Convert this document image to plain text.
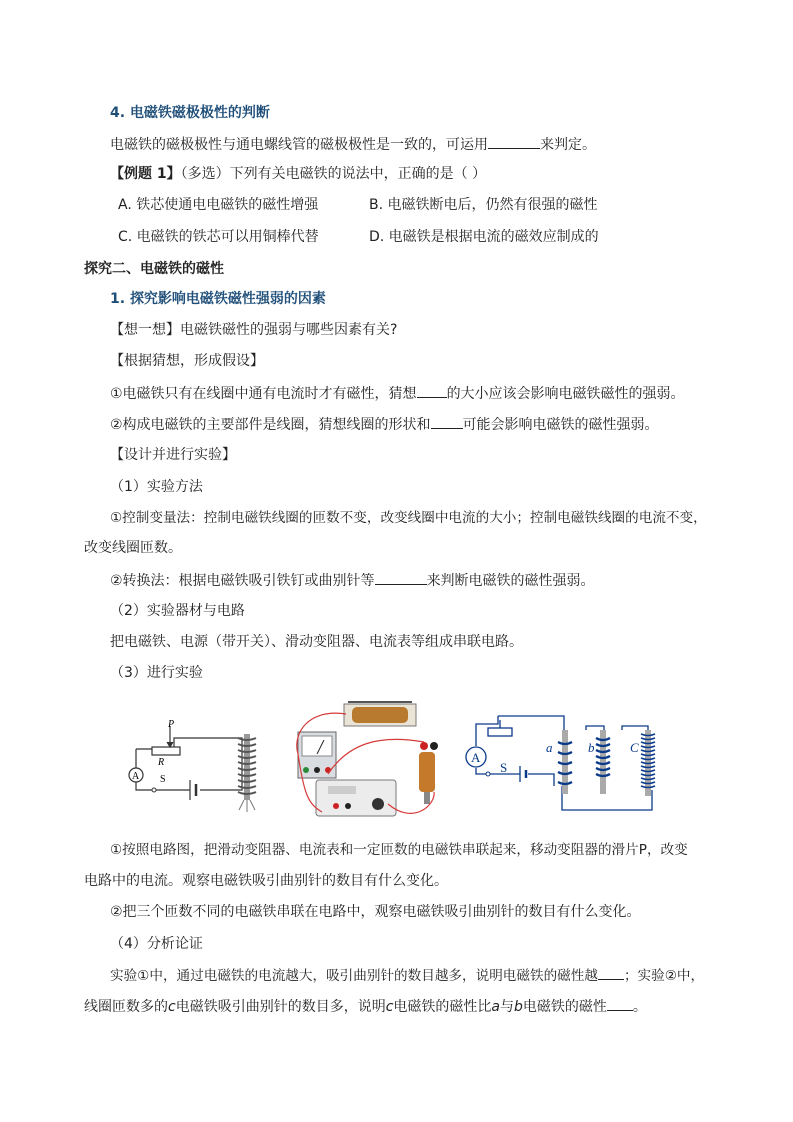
4. 电磁铁磁极极性的判断
电磁铁的磁极极性与通电螺线管的磁极极性是一致的，可运用	来判定。
【例题 1】（多选）下列有关电磁铁的说法中，正确的是（ ）
A. 铁芯使通电电磁铁的磁性增强	B. 电磁铁断电后，仍然有很强的磁性
C. 电磁铁的铁芯可以用铜棒代替	D. 电磁铁是根据电流的磁效应制成的
探究二、电磁铁的磁性
1. 探究影响电磁铁磁性强弱的因素
【想一想】电磁铁磁性的强弱与哪些因素有关?
【根据猜想，形成假设】
①电磁铁只有在线圈中通有电流时才有磁性，猜想 的大小应该会影响电磁铁磁性的强弱。
②构成电磁铁的主要部件是线圈，猜想线圈的形状和 可能会影响电磁铁的磁性强弱。
【设计并进行实验】
（1）实验方法
①控制变量法：控制电磁铁线圈的匝数不变，改变线圈中电流的大小；控制电磁铁线圈的电流不变，
改变线圈匝数。
②转换法：根据电磁铁吸引铁钉或曲别针等	来判断电磁铁的磁性强弱。
（2）实验器材与电路
把电磁铁、电源（带开关）、滑动变阻器、电流表等组成串联电路。
（3）进行实验
P
R
A S
A
S
a	b	C
①按照电路图，把滑动变阻器、电流表和一定匝数的电磁铁串联起来，移动变阻器的滑片P，改变
电路中的电流。观察电磁铁吸引曲别针的数目有什么变化。
②把三个匝数不同的电磁铁串联在电路中，观察电磁铁吸引曲别针的数目有什么变化。
（4）分析论证
实验①中，通过电磁铁的电流越大，吸引曲别针的数目越多，说明电磁铁的磁性越 ；实验②中，
线圈匝数多的c电磁铁吸引曲别针的数目多，说明c电磁铁的磁性比a与b电磁铁的磁性 。
